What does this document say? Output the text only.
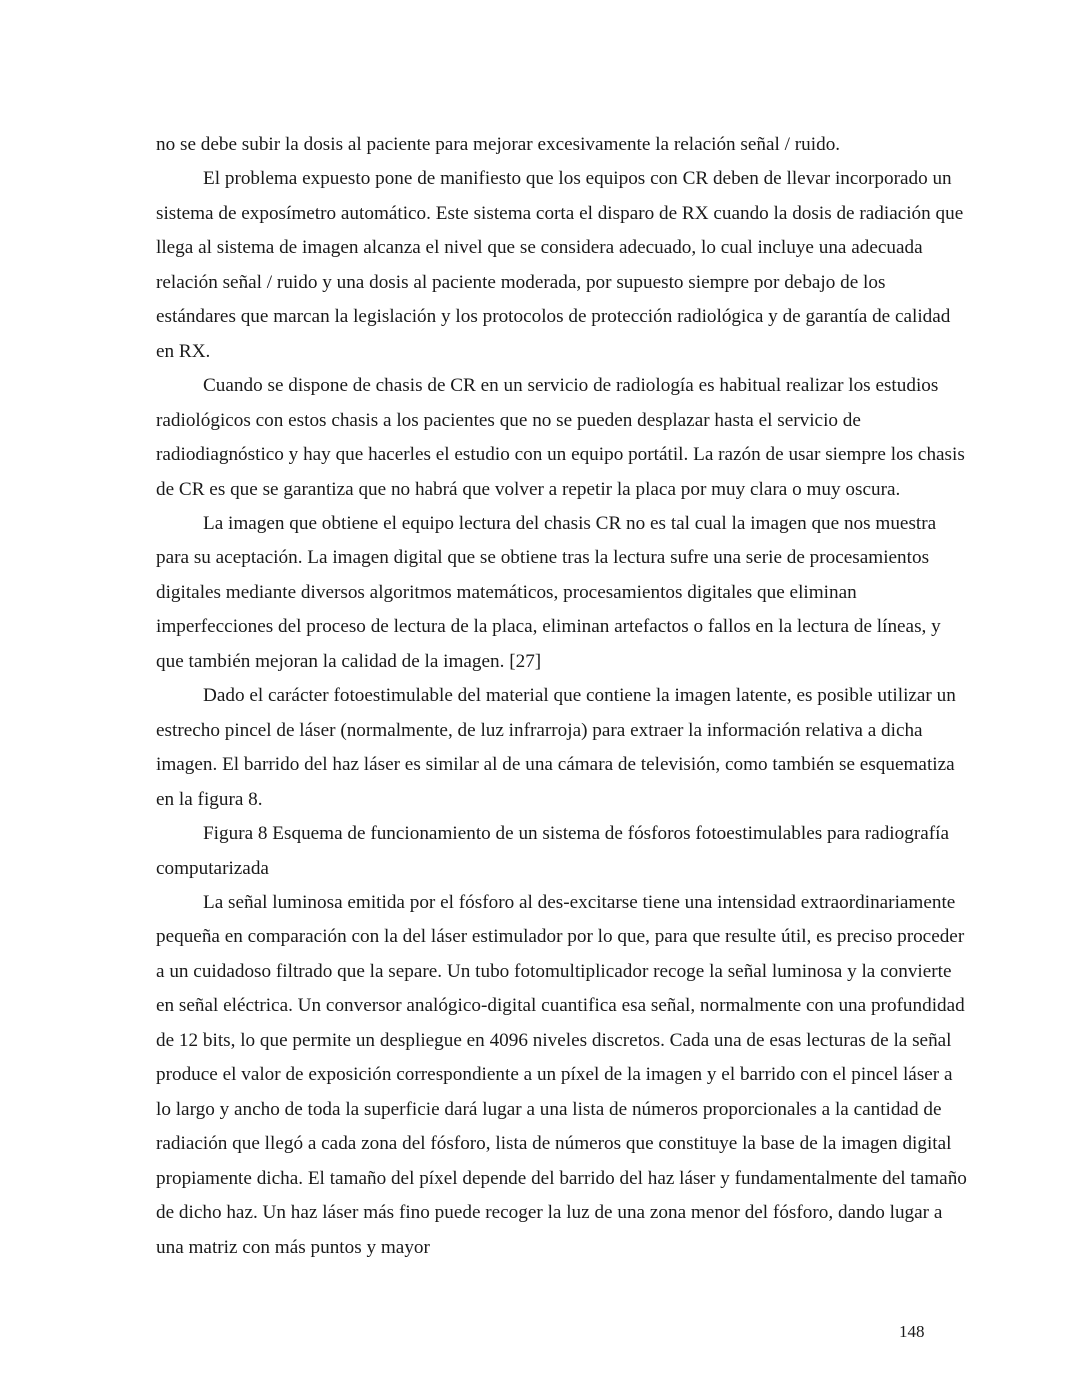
no se debe subir la dosis al paciente para mejorar excesivamente la relación señal / ruido.

El problema expuesto pone de manifiesto que los equipos con CR deben de llevar incorporado un sistema de exposímetro automático. Este sistema corta el disparo de RX cuando la dosis de radiación que llega al sistema de imagen alcanza el nivel que se considera adecuado, lo cual incluye una adecuada relación señal / ruido y una dosis al paciente moderada, por supuesto siempre por debajo de los estándares que marcan la legislación y los protocolos de protección radiológica y de garantía de calidad en RX.

Cuando se dispone de chasis de CR en un servicio de radiología es habitual realizar los estudios radiológicos con estos chasis a los pacientes que no se pueden desplazar hasta el servicio de radiodiagnóstico y hay que hacerles el estudio con un equipo portátil. La razón de usar siempre los chasis de CR es que se garantiza que no habrá que volver a repetir la placa por muy clara o muy oscura.

La imagen que obtiene el equipo lectura del chasis CR no es tal cual la imagen que nos muestra para su aceptación. La imagen digital que se obtiene tras la lectura sufre una serie de procesamientos digitales mediante diversos algoritmos matemáticos, procesamientos digitales que eliminan imperfecciones del proceso de lectura de la placa, eliminan artefactos o fallos en la lectura de líneas, y que también mejoran la calidad de la imagen. [27]

Dado el carácter fotoestimulable del material que contiene la imagen latente, es posible utilizar un estrecho pincel de láser (normalmente, de luz infrarroja) para extraer la información relativa a dicha imagen. El barrido del haz láser es similar al de una cámara de televisión, como también se esquematiza en la figura 8.

Figura 8 Esquema de funcionamiento de un sistema de fósforos fotoestimulables para radiografía computarizada

La señal luminosa emitida por el fósforo al des-excitarse tiene una intensidad extraordinariamente pequeña en comparación con la del láser estimulador por lo que, para que resulte útil, es preciso proceder a un cuidadoso filtrado que la separe. Un tubo fotomultiplicador recoge la señal luminosa y la convierte en señal eléctrica. Un conversor analógico-digital cuantifica esa señal, normalmente con una profundidad de 12 bits, lo que permite un despliegue en 4096 niveles discretos. Cada una de esas lecturas de la señal produce el valor de exposición correspondiente a un píxel de la imagen y el barrido con el pincel láser a lo largo y ancho de toda la superficie dará lugar a una lista de números proporcionales a la cantidad de radiación que llegó a cada zona del fósforo, lista de números que constituye la base de la imagen digital propiamente dicha. El tamaño del píxel depende del barrido del haz láser y fundamentalmente del tamaño de dicho haz. Un haz láser más fino puede recoger la luz de una zona menor del fósforo, dando lugar a una matriz con más puntos y mayor

148
